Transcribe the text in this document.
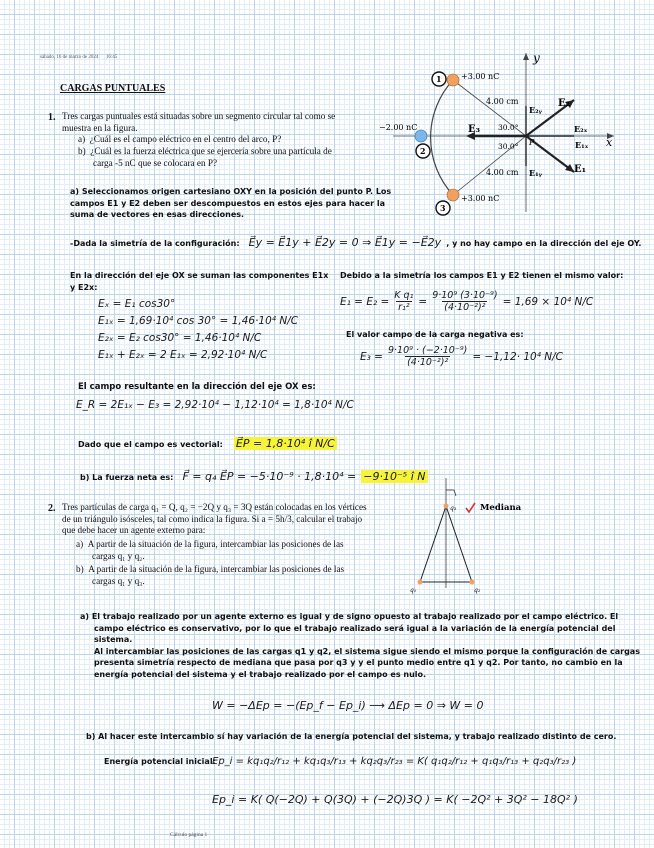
sábado, 16 de marzo de 2024 16:45
CARGAS PUNTUALES
1. Tres cargas puntuales está situadas sobre un segmento circular tal como se
muestra en la figura.
a) ¿Cuál es el campo eléctrico en el centro del arco, P?
b) ¿Cuál es la fuerza eléctrica que se ejercería sobre una partícula de
carga -5 nC que se colocara en P?
1
2
3
+3.00 nC
−2.00 nC
+3.00 nC
4.00 cm
4.00 cm
30.0°
30.0° P	x
y
E₂
E₁
E₃	E₂ₓ
E₁ₓ
E₂ᵧ
E₁ᵧ
a) Seleccionamos origen cartesiano OXY en la posición del punto P. Los
campos E1 y E2 deben ser descompuestos en estos ejes para hacer la
suma de vectores en esas direcciones.
-Dada la simetría de la configuración: E⃗y = E⃗1y + E⃗2y = 0 ⇒ E⃗1y = −E⃗2y , y no hay campo en la dirección del eje OY.
En la dirección del eje OX se suman las componentes E1x
y E2x:
Eₓ = E₁ cos30°
E₁ₓ = 1,69·10⁴ cos 30° = 1,46·10⁴ N/C
E₂ₓ = E₂ cos30° = 1,46·10⁴ N/C
E₁ₓ + E₂ₓ = 2 E₁ₓ = 2,92·10⁴ N/C
Debido a la simetría los campos E1 y E2 tienen el mismo valor:
$E_1 = E_2 = \frac{\text{K q₁}}{\text{r₁²}} = \frac{\text{9·10⁹ (3·10⁻⁹)}}{\text{(4·10⁻²)²}} = 1,69 \times 10^4$ N/C
El valor campo de la carga negativa es:
$E_3 = \frac{\text{9·10⁹ · (−2·10⁻⁹)}}{\text{(4·10⁻²)²}} = -1,12\cdot 10^4$ N/C
El campo resultante en la dirección del eje OX es:
E_R = 2E₁ₓ − E₃ = 2,92·10⁴ − 1,12·10⁴ = 1,8·10⁴ N/C
Dado que el campo es vectorial: E⃗P = 1,8·10⁴ î N/C
b) La fuerza neta es: F⃗ = q₄ E⃗P = −5·10⁻⁹ · 1,8·10⁴ = −9·10⁻⁵ î N
2. Tres partículas de carga q₁ = Q, q₂ = −2Q y q₃ = 3Q están colocadas en los vértices
de un triángulo isósceles, tal como indica la figura. Si a = 5h/3, calcular el trabajo
que debe hacer un agente externo para:
a) A partir de la situación de la figura, intercambiar las posiciones de las
cargas q₁ y q₂.
b) A partir de la situación de la figura, intercambiar las posiciones de las
cargas q₁ y q₃.
q₃
q₁	q₂
Mediana
a) El trabajo realizado por un agente externo es igual y de signo opuesto al trabajo realizado por el campo eléctrico. El
campo eléctrico es conservativo, por lo que el trabajo realizado será igual a la variación de la energía potencial del
sistema.
Al intercambiar las posiciones de las cargas q1 y q2, el sistema sigue siendo el mismo porque la configuración de cargas
presenta simetría respecto de mediana que pasa por q3 y y el punto medio entre q1 y q2. Por tanto, no cambio en la
energía potencial del sistema y el trabajo realizado por el campo es nulo.
W = −ΔEp = −(Ep_f − Ep_i) ⟶ ΔEp = 0 ⇒ W = 0
b) Al hacer este intercambio sí hay variación de la energía potencial del sistema, y trabajo realizado distinto de cero.
Energía potencial inicial:
Ep_i = kq₁q₂/r₁₂ + kq₁q₃/r₁₃ + kq₂q₃/r₂₃ = K( q₁q₂/r₁₂ + q₁q₃/r₁₃ + q₂q₃/r₂₃ )
Ep_i = K( Q(−2Q) + Q(3Q) + (−2Q)3Q ) = K( −2Q² + 3Q² − 18Q² )
Cálculo página 1
